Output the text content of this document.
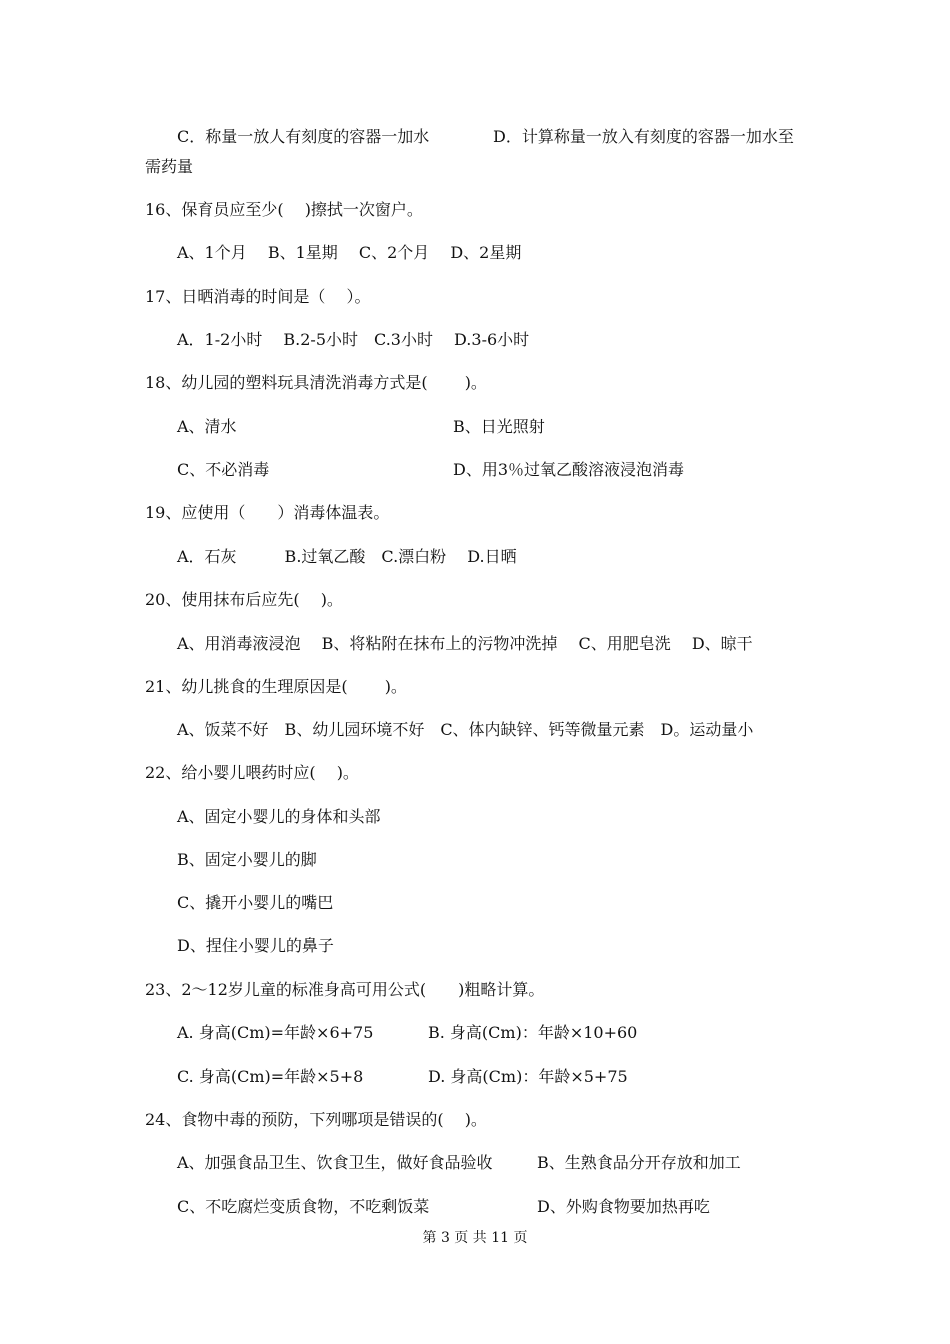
C．称量一放人有刻度的容器一加水	D．计算称量一放入有刻度的容器一加水至
需药量
16、保育员应至少(　 )擦拭一次窗户。
A、1个月　 B、1星期　 C、2个月　 D、2星期
17、日晒消毒的时间是（　 ）。
A．1-2小时　 B.2-5小时　C.3小时　 D.3-6小时
18、幼儿园的塑料玩具清洗消毒方式是(　　 )。
A、清水	B、日光照射
C、不必消毒	D、用3％过氧乙酸溶液浸泡消毒
19、应使用（　　）消毒体温表。
A．石灰　　　B.过氧乙酸　C.漂白粉　 D.日晒
20、使用抹布后应先(　 )。
A、用消毒液浸泡　 B、将粘附在抹布上的污物冲洗掉　 C、用肥皂洗　 D、晾干
21、幼儿挑食的生理原因是(　　 )。
A、饭菜不好　B、幼儿园环境不好　C、体内缺锌、钙等微量元素　D。运动量小
22、给小婴儿喂药时应(　 )。
A、固定小婴儿的身体和头部
B、固定小婴儿的脚
C、撬开小婴儿的嘴巴
D、捏住小婴儿的鼻子
23、2～12岁儿童的标准身高可用公式(　　)粗略计算。
A. 身高(Cm)=年龄×6+75	B. 身高(Cm)：年龄×10+60
C. 身高(Cm)=年龄×5+8	D. 身高(Cm)：年龄×5+75
24、食物中毒的预防，下列哪项是错误的(　 )。
A、加强食品卫生、饮食卫生，做好食品验收	B、生熟食品分开存放和加工
C、不吃腐烂变质食物，不吃剩饭菜	D、外购食物要加热再吃
第 3 页 共 11 页
